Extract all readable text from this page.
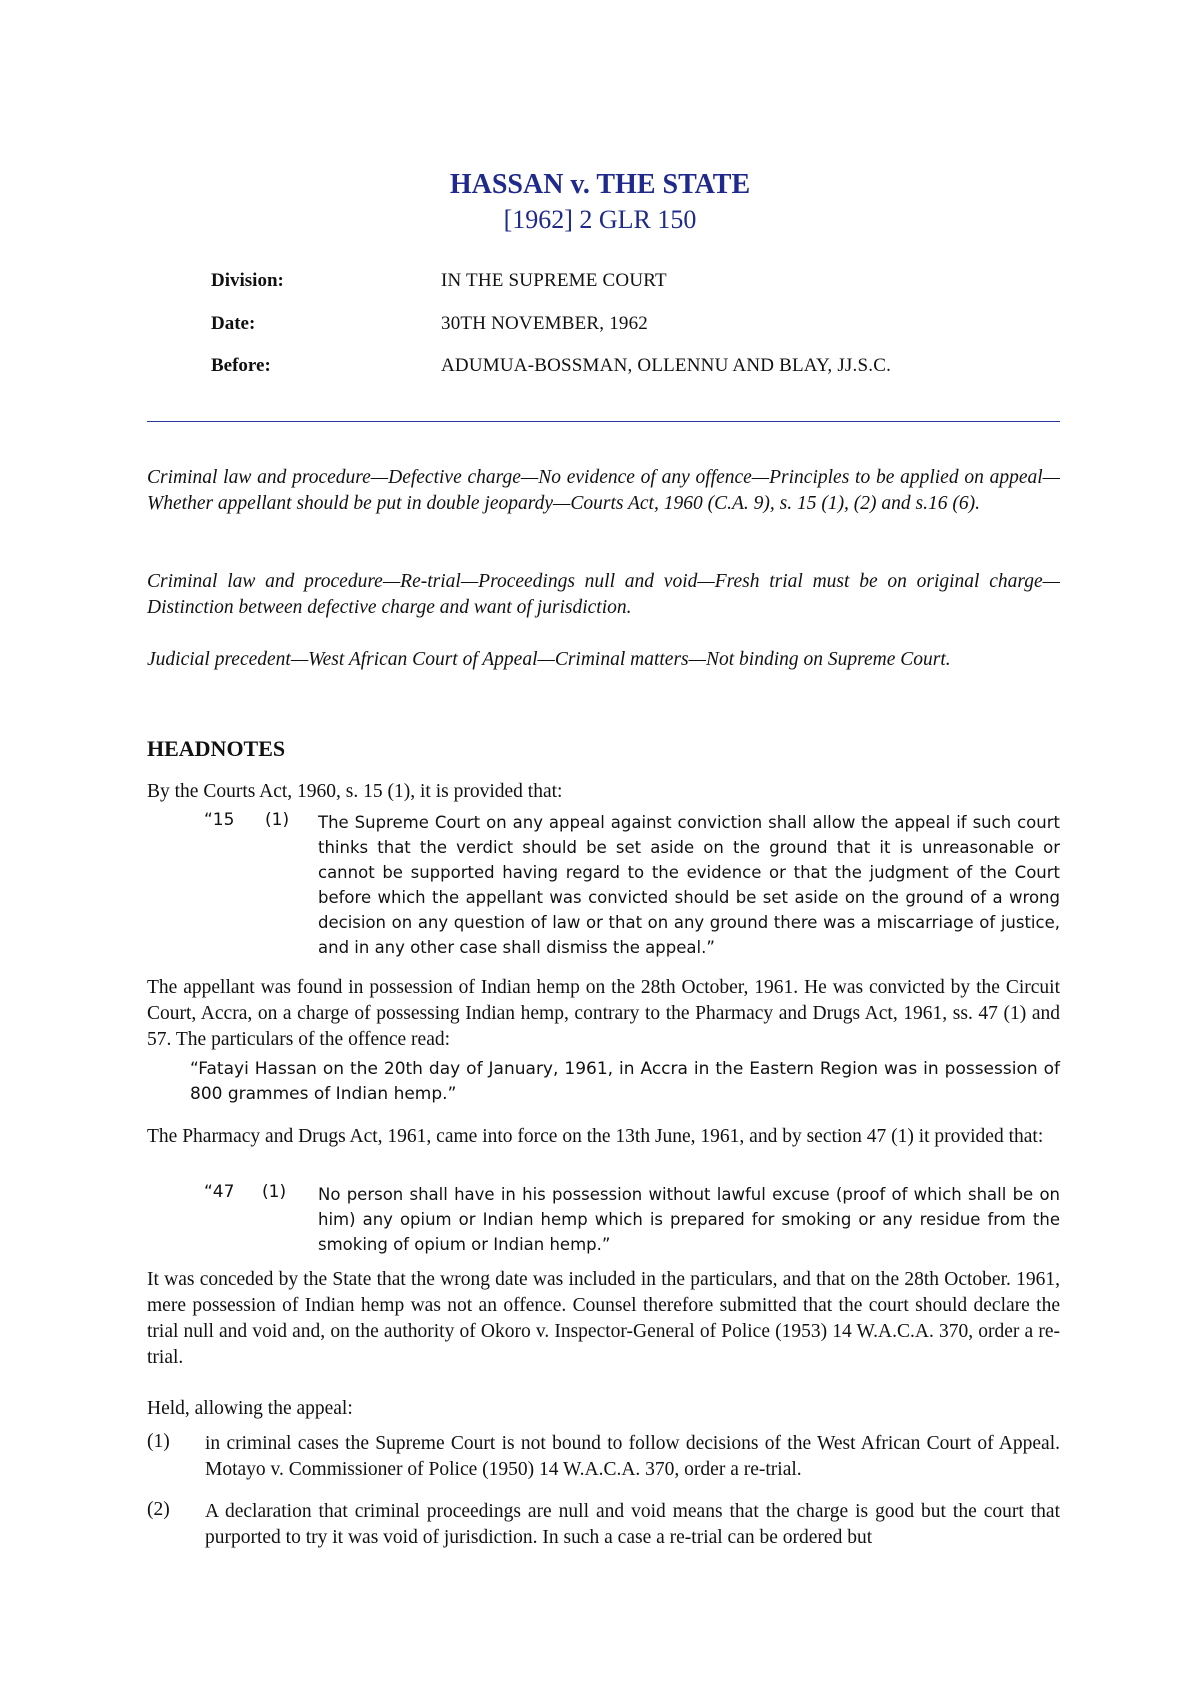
HASSAN v. THE STATE
[1962] 2 GLR 150
Division:	IN THE SUPREME COURT
Date:	30TH NOVEMBER, 1962
Before:	ADUMUA-BOSSMAN, OLLENNU AND BLAY, JJ.S.C.
Criminal law and procedure—Defective charge—No evidence of any offence—Principles to be applied on appeal—Whether appellant should be put in double jeopardy—Courts Act, 1960 (C.A. 9), s. 15 (1), (2) and s.16 (6).
Criminal law and procedure—Re-trial—Proceedings null and void—Fresh trial must be on original charge—Distinction between defective charge and want of jurisdiction.
Judicial precedent—West African Court of Appeal—Criminal matters—Not binding on Supreme Court.
HEADNOTES
By the Courts Act, 1960, s. 15 (1), it is provided that:
“15 (1) The Supreme Court on any appeal against conviction shall allow the appeal if such court thinks that the verdict should be set aside on the ground that it is unreasonable or cannot be supported having regard to the evidence or that the judgment of the Court before which the appellant was convicted should be set aside on the ground of a wrong decision on any question of law or that on any ground there was a miscarriage of justice, and in any other case shall dismiss the appeal.”
The appellant was found in possession of Indian hemp on the 28th October, 1961. He was convicted by the Circuit Court, Accra, on a charge of possessing Indian hemp, contrary to the Pharmacy and Drugs Act, 1961, ss. 47 (1) and 57. The particulars of the offence read:
“Fatayi Hassan on the 20th day of January, 1961, in Accra in the Eastern Region was in possession of 800 grammes of Indian hemp.”
The Pharmacy and Drugs Act, 1961, came into force on the 13th June, 1961, and by section 47 (1) it provided that:
“47 (1) No person shall have in his possession without lawful excuse (proof of which shall be on him) any opium or Indian hemp which is prepared for smoking or any residue from the smoking of opium or Indian hemp.”
It was conceded by the State that the wrong date was included in the particulars, and that on the 28th October. 1961, mere possession of Indian hemp was not an offence. Counsel therefore submitted that the court should declare the trial null and void and, on the authority of Okoro v. Inspector-General of Police (1953) 14 W.A.C.A. 370, order a re-trial.
Held, allowing the appeal:
(1) in criminal cases the Supreme Court is not bound to follow decisions of the West African Court of Appeal. Motayo v. Commissioner of Police (1950) 14 W.A.C.A. 370, order a re-trial.
(2) A declaration that criminal proceedings are null and void means that the charge is good but the court that purported to try it was void of jurisdiction. In such a case a re-trial can be ordered but
